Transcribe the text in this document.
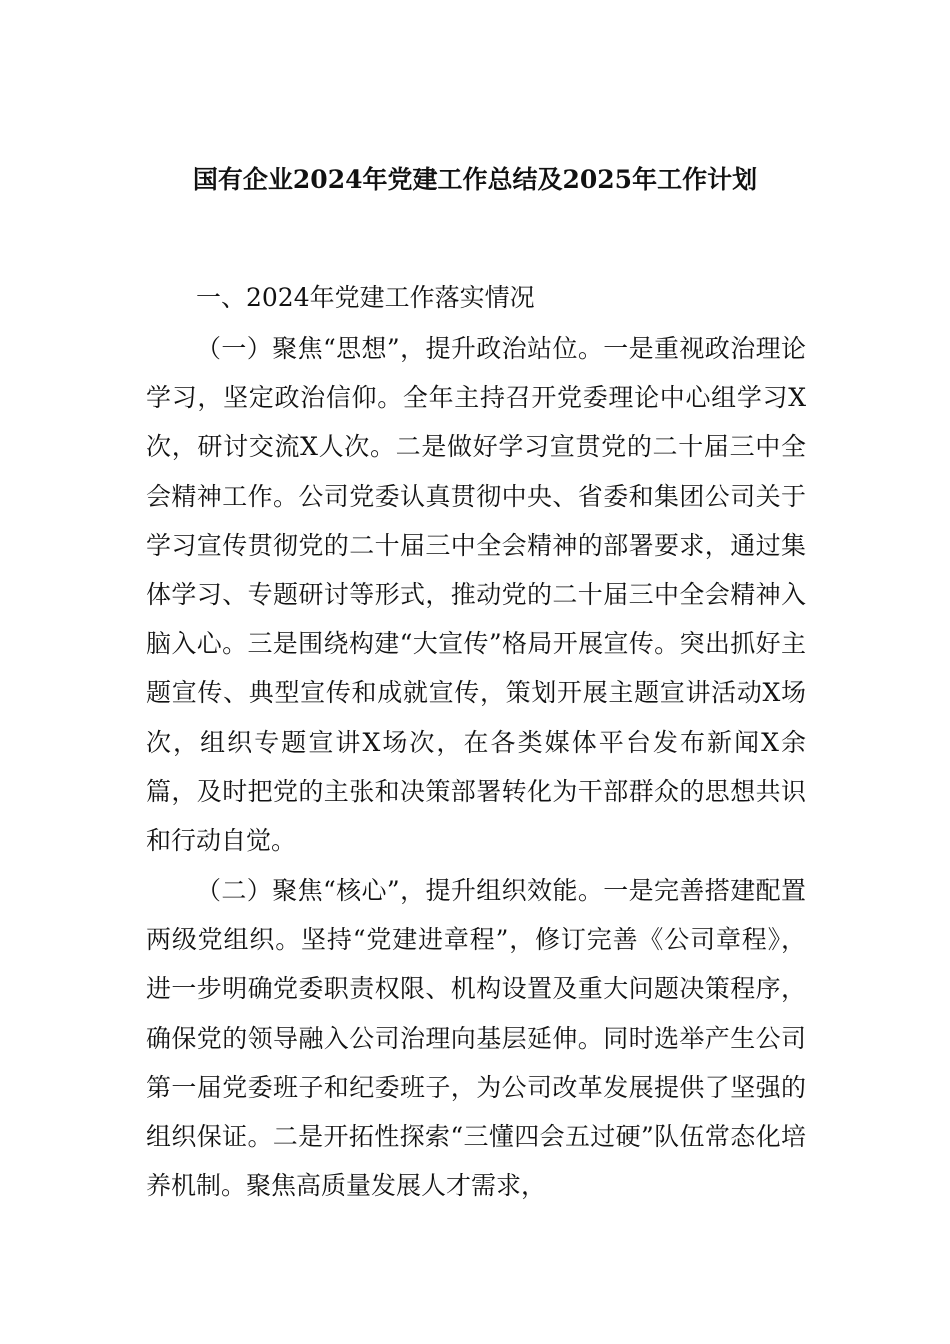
国有企业2024年党建工作总结及2025年工作计划
一、2024年党建工作落实情况
（一）聚焦“思想”，提升政治站位。一是重视政治理论学习，坚定政治信仰。全年主持召开党委理论中心组学习X次，研讨交流X人次。二是做好学习宣贯党的二十届三中全会精神工作。公司党委认真贯彻中央、省委和集团公司关于学习宣传贯彻党的二十届三中全会精神的部署要求，通过集体学习、专题研讨等形式，推动党的二十届三中全会精神入脑入心。三是围绕构建“大宣传”格局开展宣传。突出抓好主题宣传、典型宣传和成就宣传，策划开展主题宣讲活动X场次，组织专题宣讲X场次，在各类媒体平台发布新闻X余篇，及时把党的主张和决策部署转化为干部群众的思想共识和行动自觉。
（二）聚焦“核心”，提升组织效能。一是完善搭建配置两级党组织。坚持“党建进章程”，修订完善《公司章程》，进一步明确党委职责权限、机构设置及重大问题决策程序，确保党的领导融入公司治理向基层延伸。同时选举产生公司第一届党委班子和纪委班子，为公司改革发展提供了坚强的组织保证。二是开拓性探索“三懂四会五过硬”队伍常态化培养机制。聚焦高质量发展人才需求，
